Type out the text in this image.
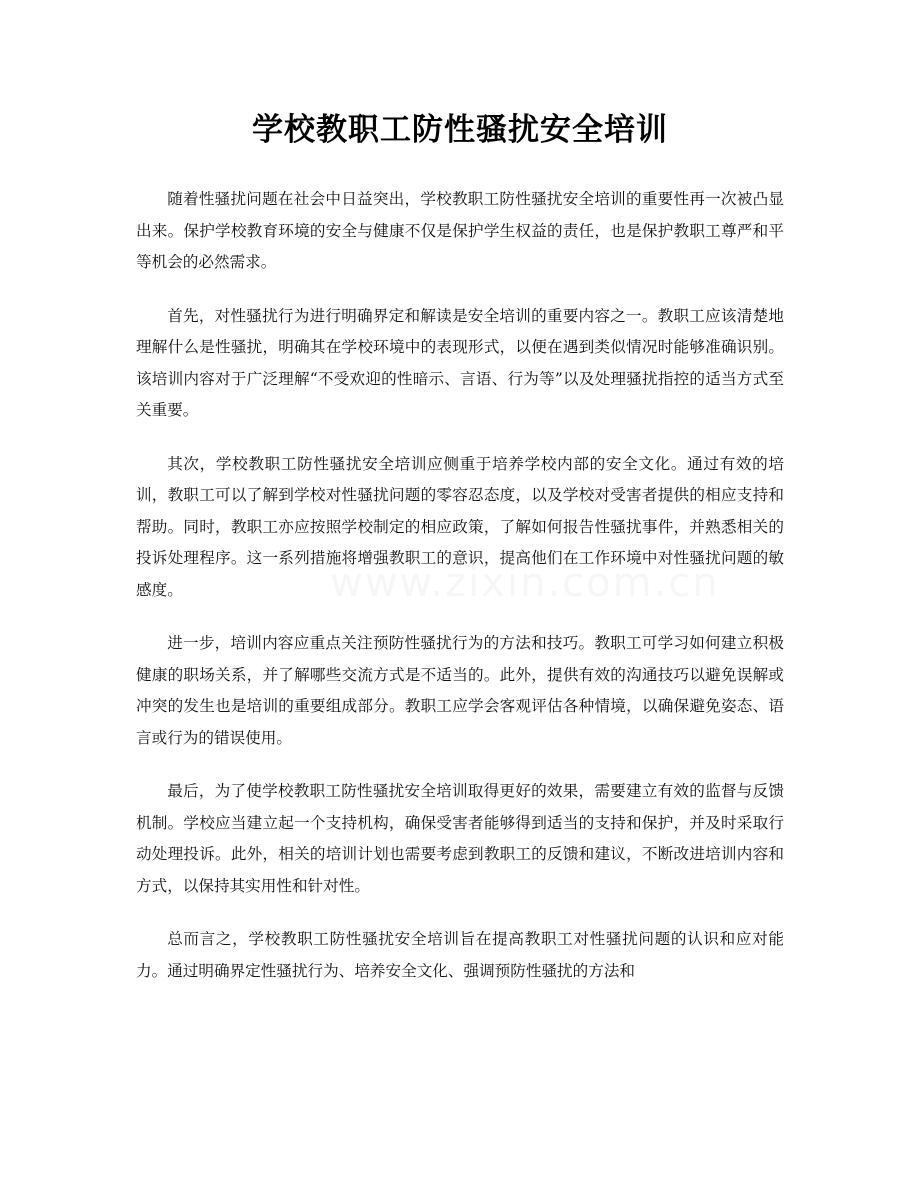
学校教职工防性骚扰安全培训
www.zixin.com.cn

随着性骚扰问题在社会中日益突出，学校教职工防性骚扰安全培训的重要性再一次被凸显出来。保护学校教育环境的安全与健康不仅是保护学生权益的责任，也是保护教职工尊严和平等机会的必然需求。

首先，对性骚扰行为进行明确界定和解读是安全培训的重要内容之一。教职工应该清楚地理解什么是性骚扰，明确其在学校环境中的表现形式，以便在遇到类似情况时能够准确识别。该培训内容对于广泛理解“不受欢迎的性暗示、言语、行为等”以及处理骚扰指控的适当方式至关重要。

其次，学校教职工防性骚扰安全培训应侧重于培养学校内部的安全文化。通过有效的培训，教职工可以了解到学校对性骚扰问题的零容忍态度，以及学校对受害者提供的相应支持和帮助。同时，教职工亦应按照学校制定的相应政策，了解如何报告性骚扰事件，并熟悉相关的投诉处理程序。这一系列措施将增强教职工的意识，提高他们在工作环境中对性骚扰问题的敏感度。

进一步，培训内容应重点关注预防性骚扰行为的方法和技巧。教职工可学习如何建立积极健康的职场关系，并了解哪些交流方式是不适当的。此外，提供有效的沟通技巧以避免误解或冲突的发生也是培训的重要组成部分。教职工应学会客观评估各种情境，以确保避免姿态、语言或行为的错误使用。

最后，为了使学校教职工防性骚扰安全培训取得更好的效果，需要建立有效的监督与反馈机制。学校应当建立起一个支持机构，确保受害者能够得到适当的支持和保护，并及时采取行动处理投诉。此外，相关的培训计划也需要考虑到教职工的反馈和建议，不断改进培训内容和方式，以保持其实用性和针对性。

总而言之，学校教职工防性骚扰安全培训旨在提高教职工对性骚扰问题的认识和应对能力。通过明确界定性骚扰行为、培养安全文化、强调预防性骚扰的方法和
